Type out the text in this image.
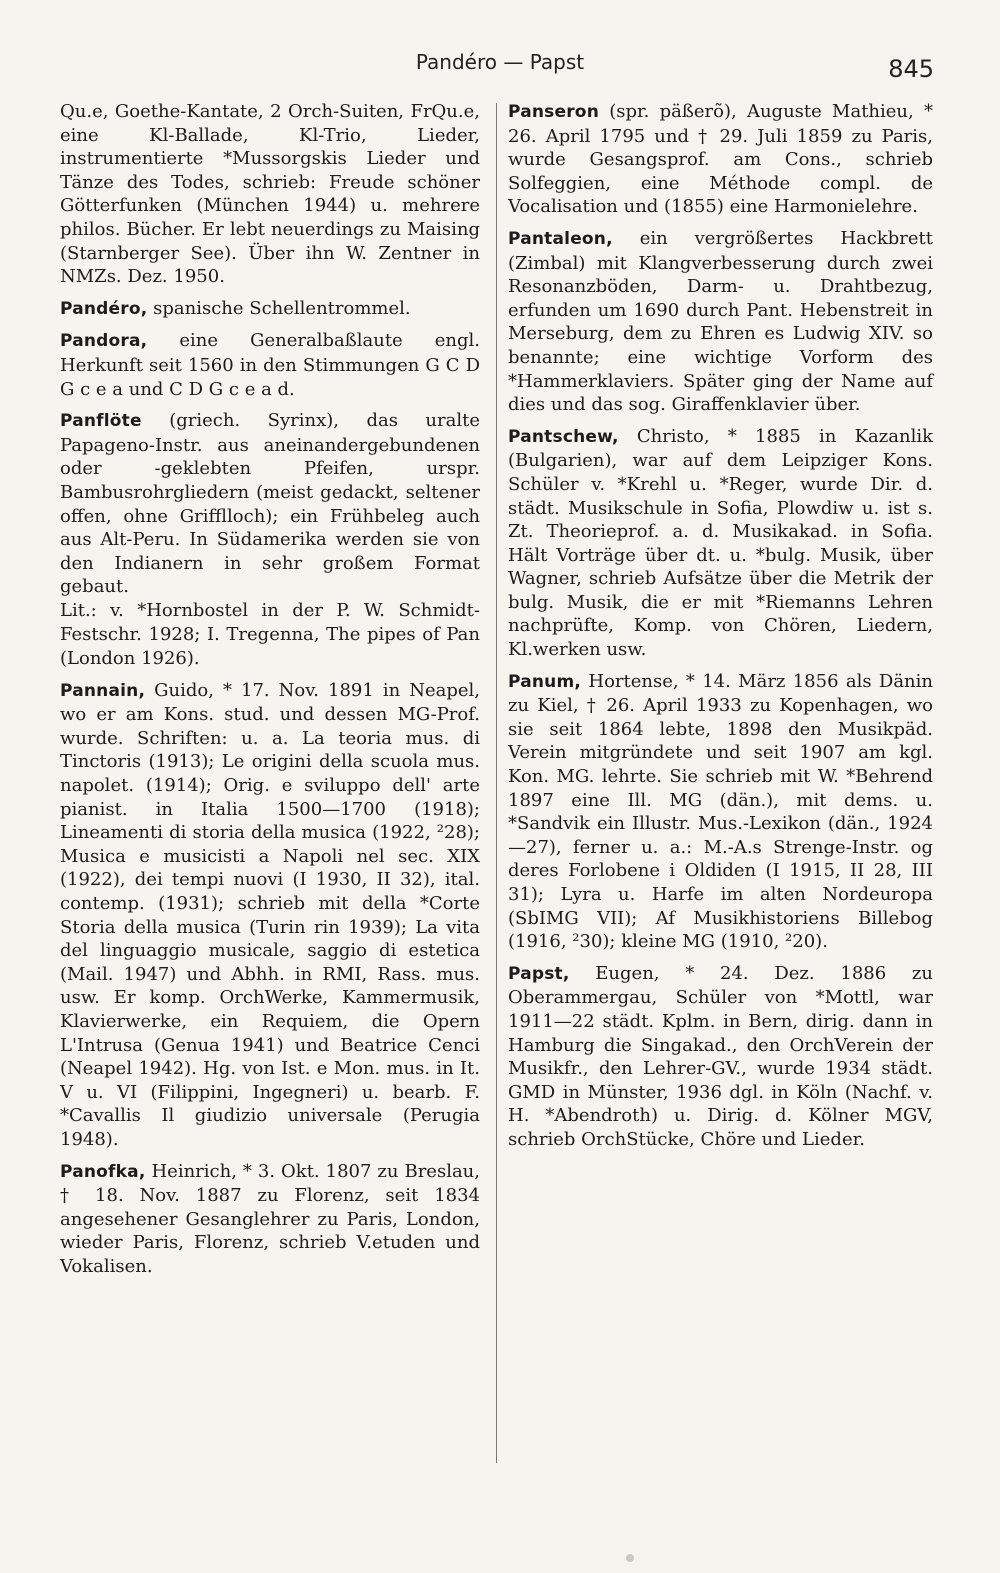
Pandéro — Papst	845

Qu.e, Goethe-Kantate, 2 Orch-Suiten, FrQu.e, eine Kl-Ballade, Kl-Trio, Lieder, instrumentierte *Mussorgskis Lieder und Tänze des Todes, schrieb: Freude schöner Götterfunken (München 1944) u. mehrere philos. Bücher. Er lebt neuerdings zu Maising (Starnberger See). Über ihn W. Zentner in NMZs. Dez. 1950.

Pandéro, spanische Schellentrommel.

Pandora, eine Generalbaßlaute engl. Herkunft seit 1560 in den Stimmungen G C D G c e a und C D G c e a d.

Panflöte (griech. Syrinx), das uralte Papageno-Instr. aus aneinandergebundenen oder -geklebten Pfeifen, urspr. Bambusrohrgliedern (meist gedackt, seltener offen, ohne Grifflloch); ein Frühbeleg auch aus Alt-Peru. In Südamerika werden sie von den Indianern in sehr großem Format gebaut.

Lit.: v. *Hornbostel in der P. W. Schmidt-Festschr. 1928; I. Tregenna, The pipes of Pan (London 1926).

Pannain, Guido, * 17. Nov. 1891 in Neapel, wo er am Kons. stud. und dessen MG-Prof. wurde. Schriften: u. a. La teoria mus. di Tinctoris (1913); Le origini della scuola mus. napolet. (1914); Orig. e sviluppo dell' arte pianist. in Italia 1500—1700 (1918); Lineamenti di storia della musica (1922, ²28); Musica e musicisti a Napoli nel sec. XIX (1922), dei tempi nuovi (I 1930, II 32), ital. contemp. (1931); schrieb mit della *Corte Storia della musica (Turin rin 1939); La vita del linguaggio musicale, saggio di estetica (Mail. 1947) und Abhh. in RMI, Rass. mus. usw. Er komp. OrchWerke, Kammermusik, Klavierwerke, ein Requiem, die Opern L'Intrusa (Genua 1941) und Beatrice Cenci (Neapel 1942). Hg. von Ist. e Mon. mus. in It. V u. VI (Filippini, Ingegneri) u. bearb. F. *Cavallis Il giudizio universale (Perugia 1948).

Panofka, Heinrich, * 3. Okt. 1807 zu Breslau, † 18. Nov. 1887 zu Florenz, seit 1834 angesehener Gesanglehrer zu Paris, London, wieder Paris, Florenz, schrieb V.etuden und Vokalisen.

Panseron (spr. päßerõ), Auguste Mathieu, * 26. April 1795 und † 29. Juli 1859 zu Paris, wurde Gesangsprof. am Cons., schrieb Solfeggien, eine Méthode compl. de Vocalisation und (1855) eine Harmonielehre.

Pantaleon, ein vergrößertes Hackbrett (Zimbal) mit Klangverbesserung durch zwei Resonanzböden, Darm- u. Drahtbezug, erfunden um 1690 durch Pant. Hebenstreit in Merseburg, dem zu Ehren es Ludwig XIV. so benannte; eine wichtige Vorform des *Hammerklaviers. Später ging der Name auf dies und das sog. Giraffenklavier über.

Pantschew, Christo, * 1885 in Kazanlik (Bulgarien), war auf dem Leipziger Kons. Schüler v. *Krehl u. *Reger, wurde Dir. d. städt. Musikschule in Sofia, Plowdiw u. ist s. Zt. Theorieprof. a. d. Musikakad. in Sofia. Hält Vorträge über dt. u. *bulg. Musik, über Wagner, schrieb Aufsätze über die Metrik der bulg. Musik, die er mit *Riemanns Lehren nachprüfte, Komp. von Chören, Liedern, Kl.werken usw.

Panum, Hortense, * 14. März 1856 als Dänin zu Kiel, † 26. April 1933 zu Kopenhagen, wo sie seit 1864 lebte, 1898 den Musikpäd. Verein mitgründete und seit 1907 am kgl. Kon. MG. lehrte. Sie schrieb mit W. *Behrend 1897 eine Ill. MG (dän.), mit dems. u. *Sandvik ein Illustr. Mus.-Lexikon (dän., 1924—27), ferner u. a.: M.-A.s Strenge-Instr. og deres Forlobene i Oldiden (I 1915, II 28, III 31); Lyra u. Harfe im alten Nordeuropa (SbIMG VII); Af Musikhistoriens Billebog (1916, ²30); kleine MG (1910, ²20).

Papst, Eugen, * 24. Dez. 1886 zu Oberammergau, Schüler von *Mottl, war 1911—22 städt. Kplm. in Bern, dirig. dann in Hamburg die Singakad., den OrchVerein der Musikfr., den Lehrer-GV., wurde 1934 städt. GMD in Münster, 1936 dgl. in Köln (Nachf. v. H. *Abendroth) u. Dirig. d. Kölner MGV, schrieb OrchStücke, Chöre und Lieder.
